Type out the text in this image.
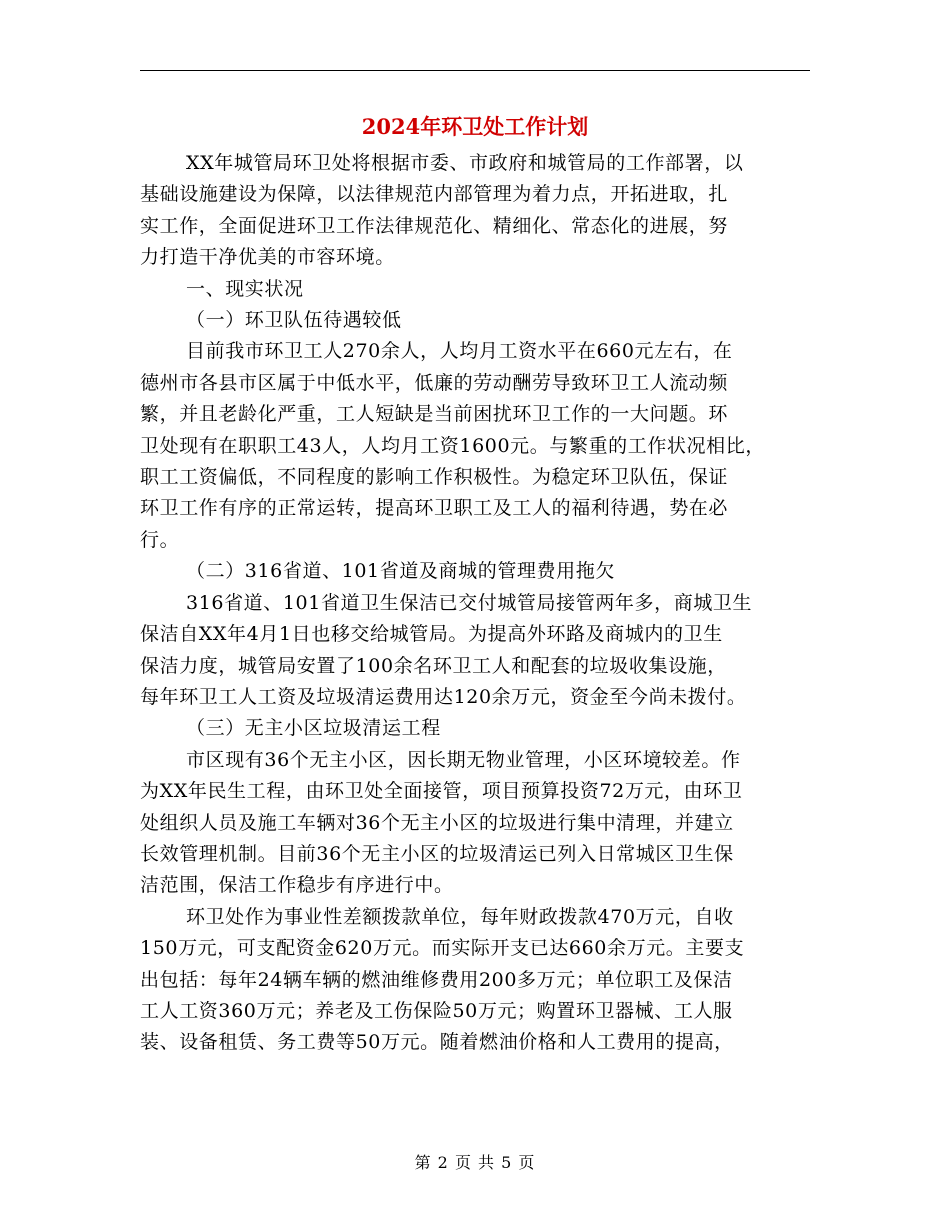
2024年环卫处工作计划
XX年城管局环卫处将根据市委、市政府和城管局的工作部署，以
基础设施建设为保障，以法律规范内部管理为着力点，开拓进取，扎
实工作，全面促进环卫工作法律规范化、精细化、常态化的进展，努
力打造干净优美的市容环境。
一、现实状况
（一）环卫队伍待遇较低
目前我市环卫工人270余人，人均月工资水平在660元左右，在
德州市各县市区属于中低水平，低廉的劳动酬劳导致环卫工人流动频
繁，并且老龄化严重，工人短缺是当前困扰环卫工作的一大问题。环
卫处现有在职职工43人，人均月工资1600元。与繁重的工作状况相比，
职工工资偏低，不同程度的影响工作积极性。为稳定环卫队伍，保证
环卫工作有序的正常运转，提高环卫职工及工人的福利待遇，势在必
行。
（二）316省道、101省道及商城的管理费用拖欠
316省道、101省道卫生保洁已交付城管局接管两年多，商城卫生
保洁自XX年4月1日也移交给城管局。为提高外环路及商城内的卫生
保洁力度，城管局安置了100余名环卫工人和配套的垃圾收集设施，
每年环卫工人工资及垃圾清运费用达120余万元，资金至今尚未拨付。
（三）无主小区垃圾清运工程
市区现有36个无主小区，因长期无物业管理，小区环境较差。作
为XX年民生工程，由环卫处全面接管，项目预算投资72万元，由环卫
处组织人员及施工车辆对36个无主小区的垃圾进行集中清理，并建立
长效管理机制。目前36个无主小区的垃圾清运已列入日常城区卫生保
洁范围，保洁工作稳步有序进行中。
环卫处作为事业性差额拨款单位，每年财政拨款470万元，自收
150万元，可支配资金620万元。而实际开支已达660余万元。主要支
出包括：每年24辆车辆的燃油维修费用200多万元；单位职工及保洁
工人工资360万元；养老及工伤保险50万元；购置环卫器械、工人服
装、设备租赁、务工费等50万元。随着燃油价格和人工费用的提高，
第 2 页 共 5 页
